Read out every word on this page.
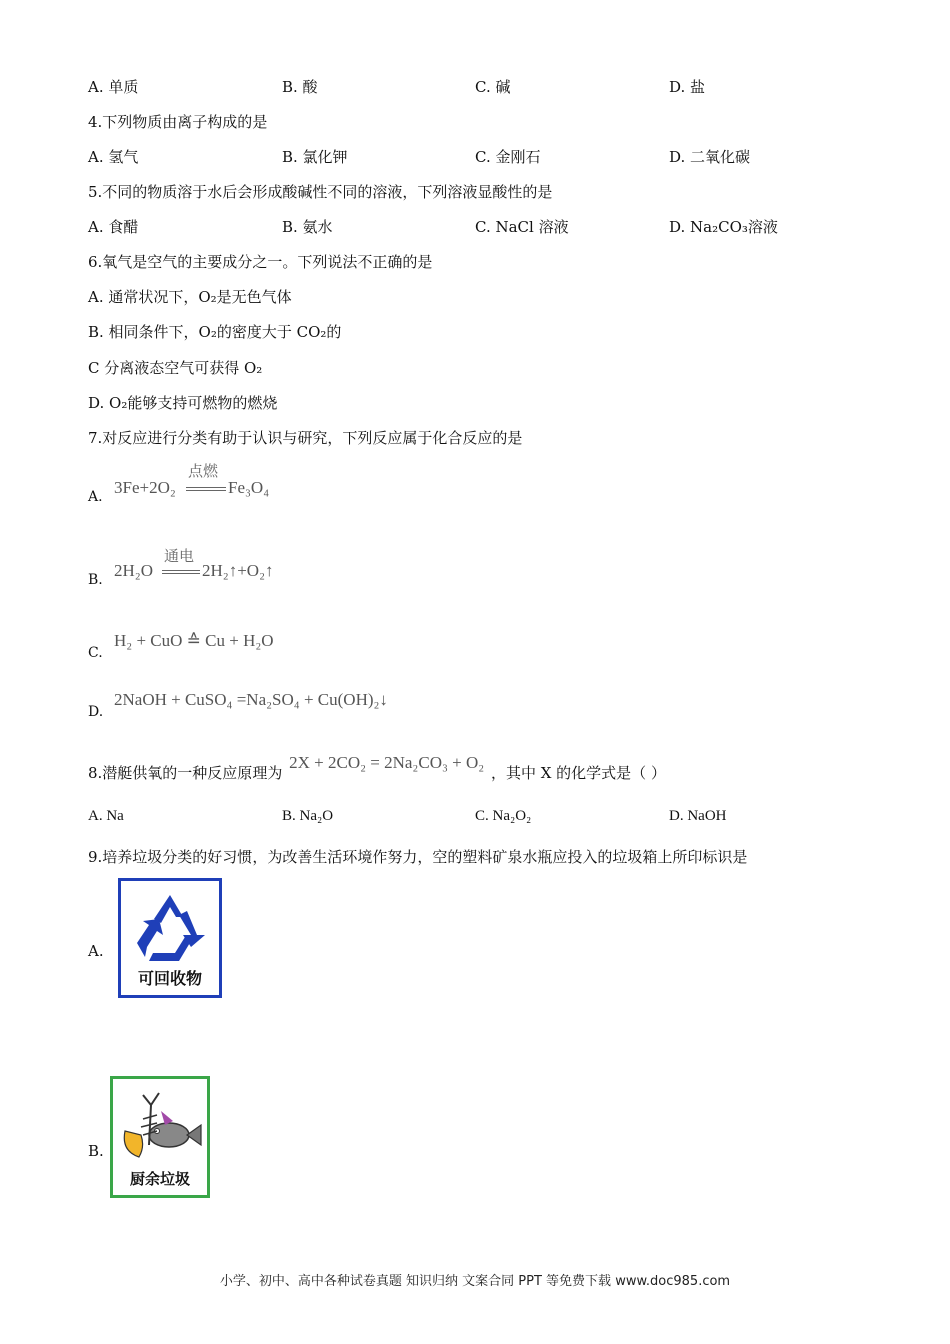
A. 单质	B. 酸	C. 碱	D. 盐
4.下列物质由离子构成的是
A. 氢气	B. 氯化钾	C. 金刚石	D. 二氧化碳
5.不同的物质溶于水后会形成酸碱性不同的溶液，下列溶液显酸性的是
A. 食醋	B. 氨水	C. NaCl 溶液	D. Na₂CO₃溶液
6.氧气是空气的主要成分之一。下列说法不正确的是
A. 通常状况下，O₂是无色气体
B. 相同条件下，O₂的密度大于 CO₂的
C 分离液态空气可获得 O₂
D. O₂能够支持可燃物的燃烧
7.对反应进行分类有助于认识与研究，下列反应属于化合反应的是
A. 3Fe+2O₂
点燃
Fe₃O₄
B. 2H₂O
通电
2H₂↑+O₂↑
C.
H₂ + CuO ≙ Cu + H₂O
D.
2NaOH + CuSO₄ =Na₂SO₄ + Cu(OH)₂↓
8.潜艇供氧的一种反应原理为 2X + 2CO₂ = 2Na₂CO₃ + O₂ ，其中 X 的化学式是（ ）
A. Na	B. Na₂O	C. Na₂O₂	D. NaOH
9.培养垃圾分类的好习惯，为改善生活环境作努力，空的塑料矿泉水瓶应投入的垃圾箱上所印标识是
A.
可回收物
B.
厨余垃圾
小学、初中、高中各种试卷真题 知识归纳 文案合同 PPT 等免费下载 www.doc985.com
